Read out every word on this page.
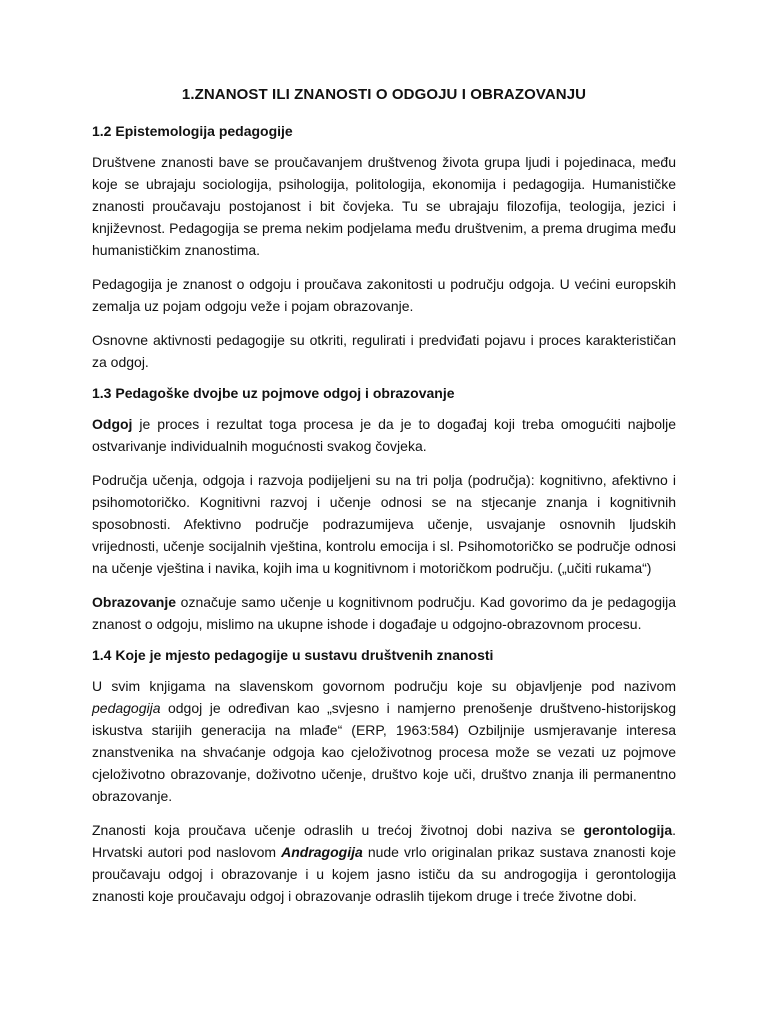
1.ZNANOST ILI ZNANOSTI O ODGOJU I OBRAZOVANJU
1.2 Epistemologija pedagogije

Društvene znanosti bave se proučavanjem društvenog života grupa ljudi i pojedinaca, među koje se ubrajaju sociologija, psihologija, politologija, ekonomija i pedagogija. Humanističke znanosti proučavaju postojanost i bit čovjeka. Tu se ubrajaju filozofija, teologija, jezici i književnost. Pedagogija se prema nekim podjelama među društvenim, a prema drugima među humanističkim znanostima.

Pedagogija je znanost o odgoju i proučava zakonitosti u području odgoja. U većini europskih zemalja uz pojam odgoju veže i pojam obrazovanje.

Osnovne aktivnosti pedagogije su otkriti, regulirati i predviđati pojavu i proces karakterističan za odgoj.

1.3 Pedagoške dvojbe uz pojmove odgoj i obrazovanje

Odgoj je proces i rezultat toga procesa je da je to događaj koji treba omogućiti najbolje ostvarivanje individualnih mogućnosti svakog čovjeka.

Područja učenja, odgoja i razvoja podijeljeni su na tri polja (područja): kognitivno, afektivno i psihomotoričko. Kognitivni razvoj i učenje odnosi se na stjecanje znanja i kognitivnih sposobnosti. Afektivno područje podrazumijeva učenje, usvajanje osnovnih ljudskih vrijednosti, učenje socijalnih vještina, kontrolu emocija i sl. Psihomotoričko se područje odnosi na učenje vještina i navika, kojih ima u kognitivnom i motoričkom području. („učiti rukama“)

Obrazovanje označuje samo učenje u kognitivnom području. Kad govorimo da je pedagogija znanost o odgoju, mislimo na ukupne ishode i događaje u odgojno-obrazovnom procesu.

1.4 Koje je mjesto pedagogije u sustavu društvenih znanosti

U svim knjigama na slavenskom govornom području koje su objavljenje pod nazivom pedagogija odgoj je određivan kao „svjesno i namjerno prenošenje društveno-historijskog iskustva starijih generacija na mlađe“ (ERP, 1963:584) Ozbiljnije usmjeravanje interesa znanstvenika na shvaćanje odgoja kao cjeloživotnog procesa može se vezati uz pojmove cjeloživotno obrazovanje, doživotno učenje, društvo koje uči, društvo znanja ili permanentno obrazovanje.

Znanosti koja proučava učenje odraslih u trećoj životnoj dobi naziva se gerontologija. Hrvatski autori pod naslovom Andragogija nude vrlo originalan prikaz sustava znanosti koje proučavaju odgoj i obrazovanje i u kojem jasno ističu da su androgogija i gerontologija znanosti koje proučavaju odgoj i obrazovanje odraslih tijekom druge i treće životne dobi.
